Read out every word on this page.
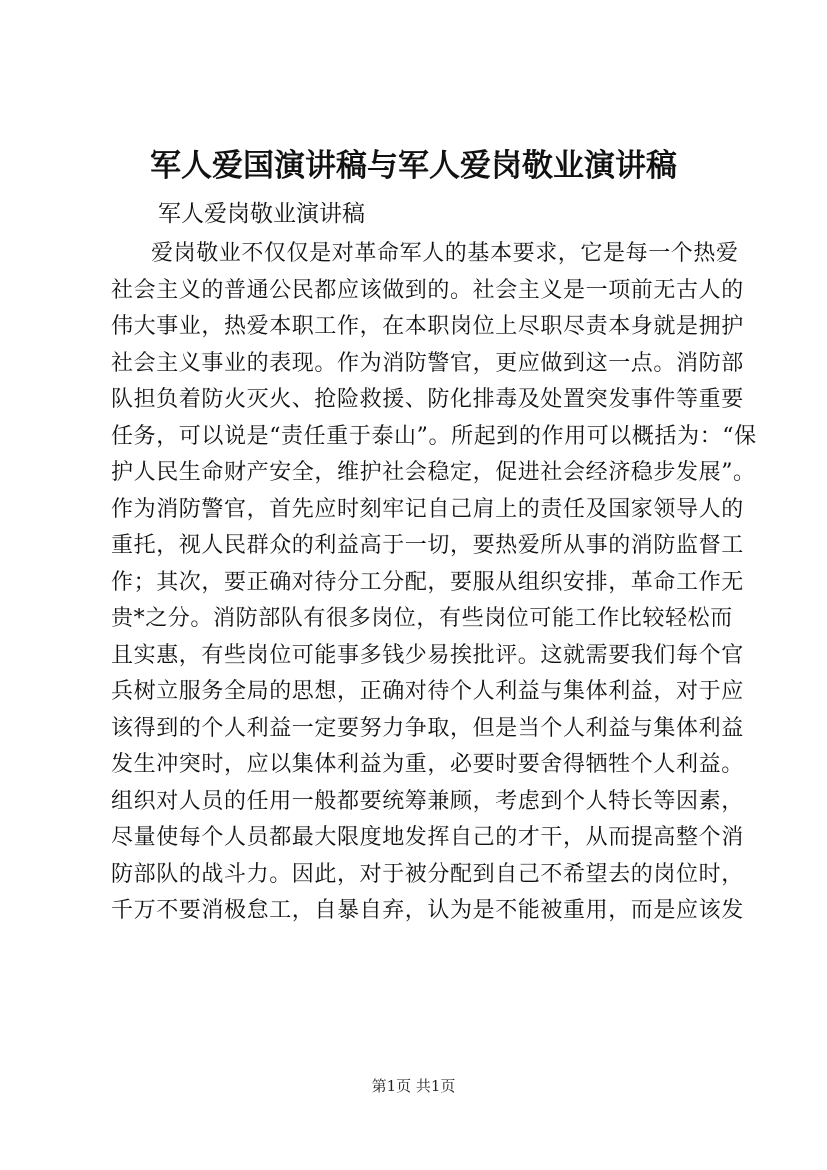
军人爱国演讲稿与军人爱岗敬业演讲稿
军人爱岗敬业演讲稿
爱岗敬业不仅仅是对革命军人的基本要求，它是每一个热爱
社会主义的普通公民都应该做到的。社会主义是一项前无古人的
伟大事业，热爱本职工作，在本职岗位上尽职尽责本身就是拥护
社会主义事业的表现。作为消防警官，更应做到这一点。消防部
队担负着防火灭火、抢险救援、防化排毒及处置突发事件等重要
任务，可以说是“责任重于泰山”。所起到的作用可以概括为：“保
护人民生命财产安全，维护社会稳定，促进社会经济稳步发展”。
作为消防警官，首先应时刻牢记自己肩上的责任及国家领导人的
重托，视人民群众的利益高于一切，要热爱所从事的消防监督工
作；其次，要正确对待分工分配，要服从组织安排，革命工作无
贵*之分。消防部队有很多岗位，有些岗位可能工作比较轻松而
且实惠，有些岗位可能事多钱少易挨批评。这就需要我们每个官
兵树立服务全局的思想，正确对待个人利益与集体利益，对于应
该得到的个人利益一定要努力争取，但是当个人利益与集体利益
发生冲突时，应以集体利益为重，必要时要舍得牺牲个人利益。
组织对人员的任用一般都要统筹兼顾，考虑到个人特长等因素，
尽量使每个人员都最大限度地发挥自己的才干，从而提高整个消
防部队的战斗力。因此，对于被分配到自己不希望去的岗位时，
千万不要消极怠工，自暴自弃，认为是不能被重用，而是应该发
第1页 共1页
